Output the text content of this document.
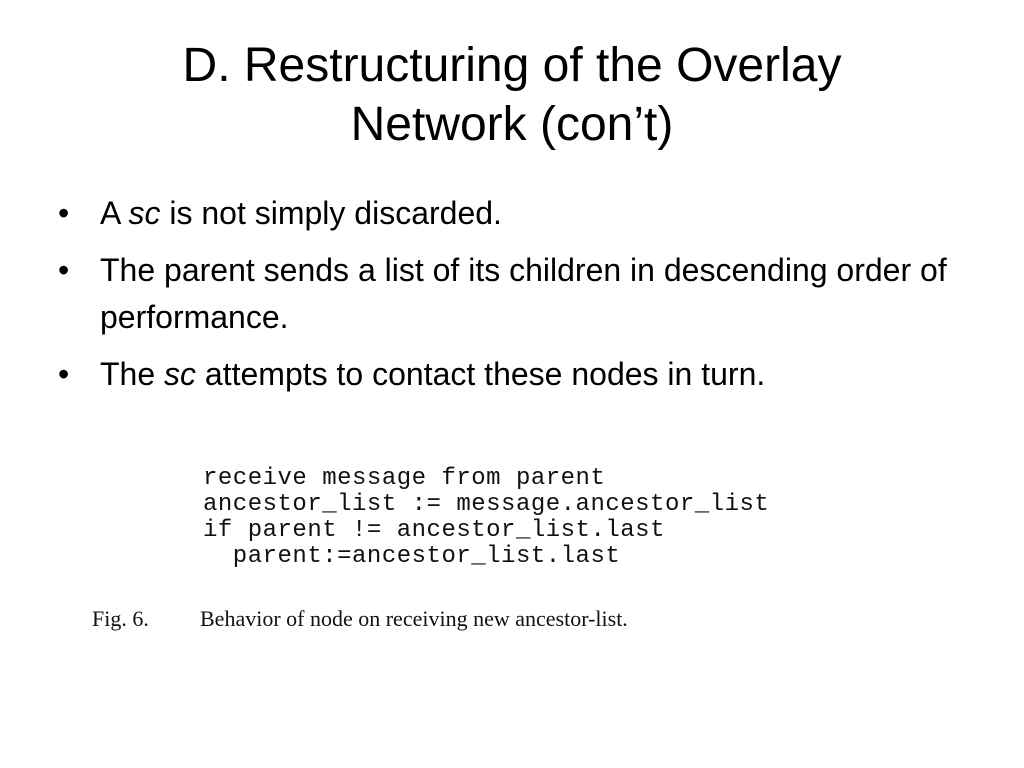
D. Restructuring of the Overlay
Network (con’t)
• A sc is not simply discarded.
• The parent sends a list of its children in descending order of performance.
• The sc attempts to contact these nodes in turn.
receive message from parent
ancestor_list := message.ancestor_list
if parent != ancestor_list.last
parent:=ancestor_list.last
Fig. 6. Behavior of node on receiving new ancestor-list.
